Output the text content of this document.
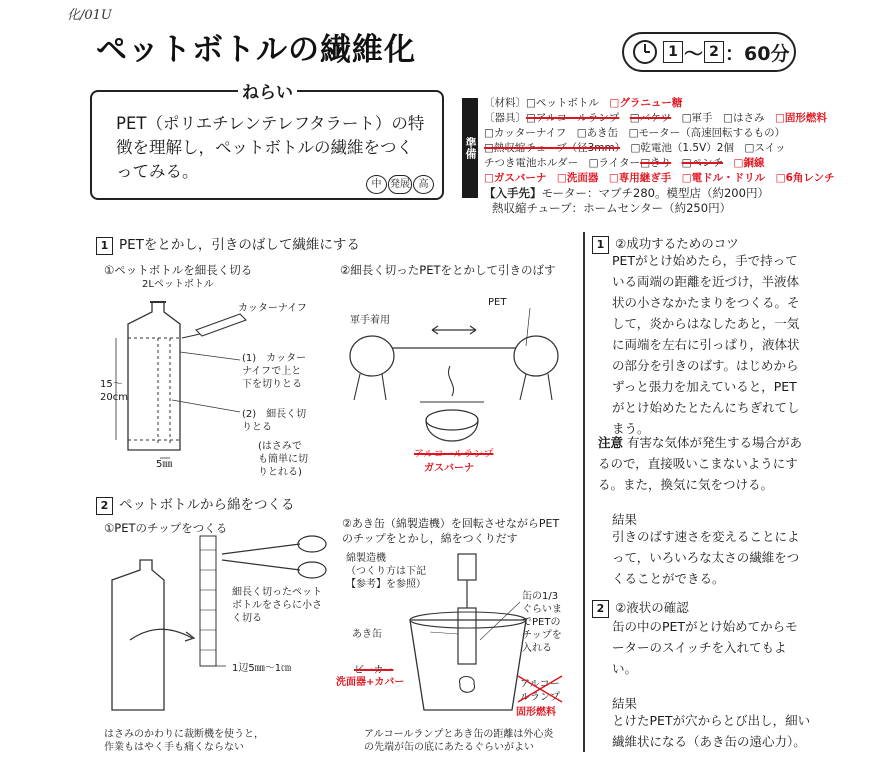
化/01U
ペットボトルの繊維化	1 〜 2 ：60分
PET（ポリエチレンテレフタラート）の特徴を理解し，ペットボトルの繊維をつくってみる。
中 発展 高
ねらい
準備
〔材料〕□ペットボトル　 □グラニュー糖
〔器具〕□アルコールランプ　 □バケツ　 □軍手　□はさみ　 □固形燃料
□カッターナイフ　□あき缶　□モーター（高速回転するもの）
□熱収縮チューブ（径3mm）　 □乾電池（1.5V）2個　□スイッ
チつき電池ホルダー　□ライター□きり　 □ペンチ　 □銅線
□ガスバーナ　□洗面器　□専用継ぎ手　□電ドル・ドリル　□6角レンチ
【入手先】モーター：マブチ280。模型店（約200円）
熱収縮チューブ：ホームセンター（約250円）
1 PETをとかし，引きのばして繊維にする
①ペットボトルを細長く切る
2Lペットボトル
カッターナイフ
15〜
20cm
5㎜
(1)　カッター
ナイフで上と
下を切りとる
(2)　細長く切
りとる
(はさみで
も簡単に切
りとれる)
②細長く切ったPETをとかして引きのばす
PET
軍手着用
アルコールランプ
ガスバーナ
2 ペットボトルから綿をつくる
①PETのチップをつくる
細長く切ったペット
ボトルをさらに小さ
く切る
1辺5㎜〜1㎝
はさみのかわりに裁断機を使うと，
作業もはやく手も痛くならない
②あき缶（綿製造機）を回転させながらPET
のチップをとかし，綿をつくりだす
綿製造機
（つくり方は下記
【参考】を参照）
あき缶
缶の1/3
ぐらいま
でPETの
チップを
入れる
ビーカー
洗面器+カバー	アルコー
ルランプ
固形燃料
アルコールランプとあき缶の距離は外心炎
の先端が缶の底にあたるぐらいがよい
1 ②成功するためのコツ
PETがとけ始めたら，手で持っている両端の距離を近づけ，半液体状の小さなかたまりをつくる。そして，炎からはなしたあと，一気に両端を左右に引っぱり，液体状の部分を引きのばす。はじめからずっと張力を加えていると，PETがとけ始めたとたんにちぎれてしまう。
注意 有害な気体が発生する場合があるので，直接吸いこまないようにする。また，換気に気をつける。
結果
引きのばす速さを変えることによって，いろいろな太さの繊維をつくることができる。
2 ②液状の確認
缶の中のPETがとけ始めてからモーターのスイッチを入れてもよい。
結果
とけたPETが穴からとび出し，細い繊維状になる（あき缶の遠心力）。
